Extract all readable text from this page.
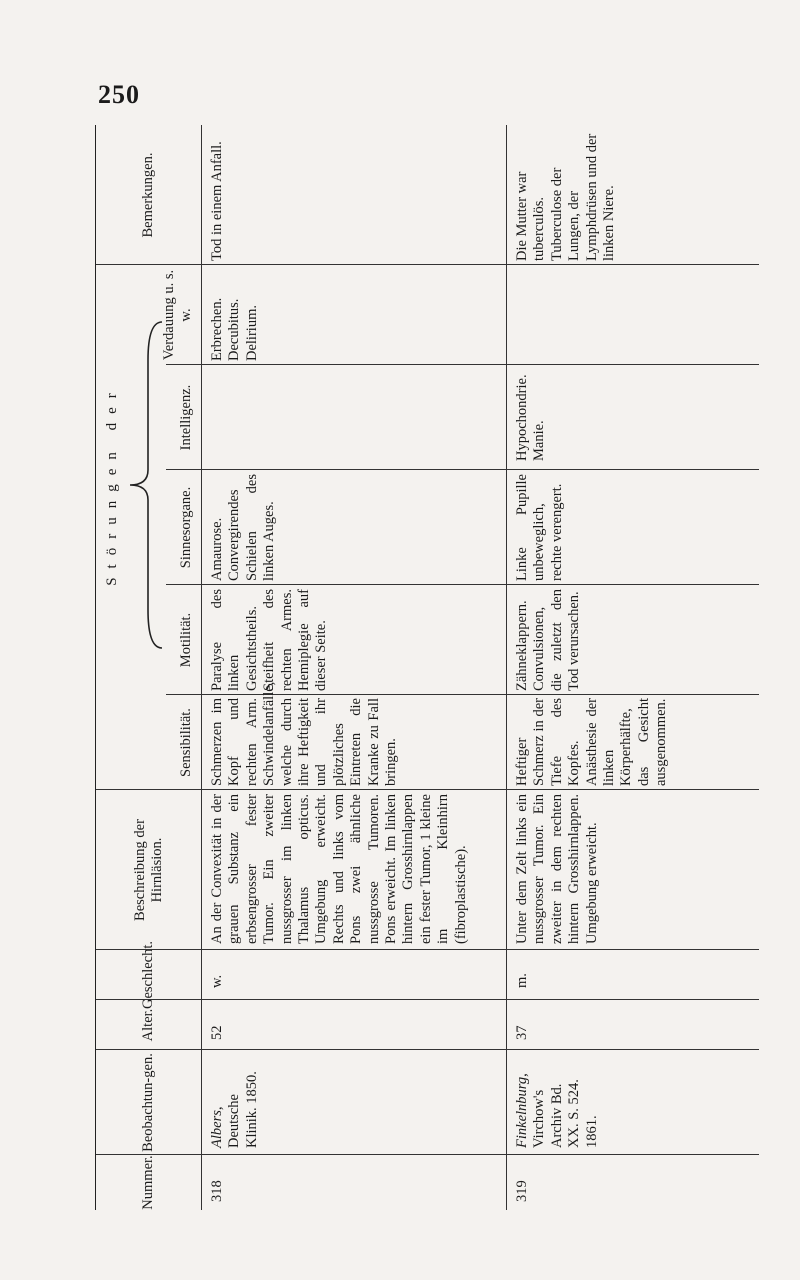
250
Nummer.
Beobachtun-gen.
Alter.
Geschlecht.
Beschreibung der Hirnläsion.
Störungen der
Sensibilität.
Motilität.
Sinnesorgane.
Intelligenz.
Verdauung u. s. w.
Bemerkungen.
318
Albers, Deutsche Klinik. 1850.
52
w.
An der Convexität in der grauen Substanz ein erbsengrosser fester Tumor. Ein zweiter nussgrosser im linken Thalamus opticus. Umgebung erweicht. Rechts und links vom Pons zwei ähnliche nussgrosse Tumoren. Pons erweicht. Im linken hintern Grosshirnlappen ein fester Tumor, 1 kleine im Kleinhirn (fibroplastische).
Schmerzen im Kopf und rechten Arm. Schwindelanfälle, welche durch ihre Heftigkeit und ihr plötzliches Eintreten die Kranke zu Fall bringen.
Paralyse des linken Gesichtstheils. Steifheit des rechten Armes. Hemiplegie auf dieser Seite.
Amaurose. Convergirendes Schielen des linken Auges.
Erbrechen. Decubitus. Delirium.
Tod in einem Anfall.
319
Finkelnburg, Virchow's Archiv Bd. XX. S. 524. 1861.
37
m.
Unter dem Zelt links ein nussgrosser Tumor. Ein zweiter in dem rechten hintern Grosshirnlappen. Umgebung erweicht.
Heftiger Schmerz in der Tiefe des Kopfes. Anästhesie der linken Körperhälfte, das Gesicht ausgenommen.
Zähneklappern. Convulsionen, die zuletzt den Tod verursachen.
Linke Pupille unbeweglich, rechte verengert.
Hypochondrie. Manie.
Die Mutter war tuberculös. Tuberculose der Lungen, der Lymphdrüsen und der linken Niere.
